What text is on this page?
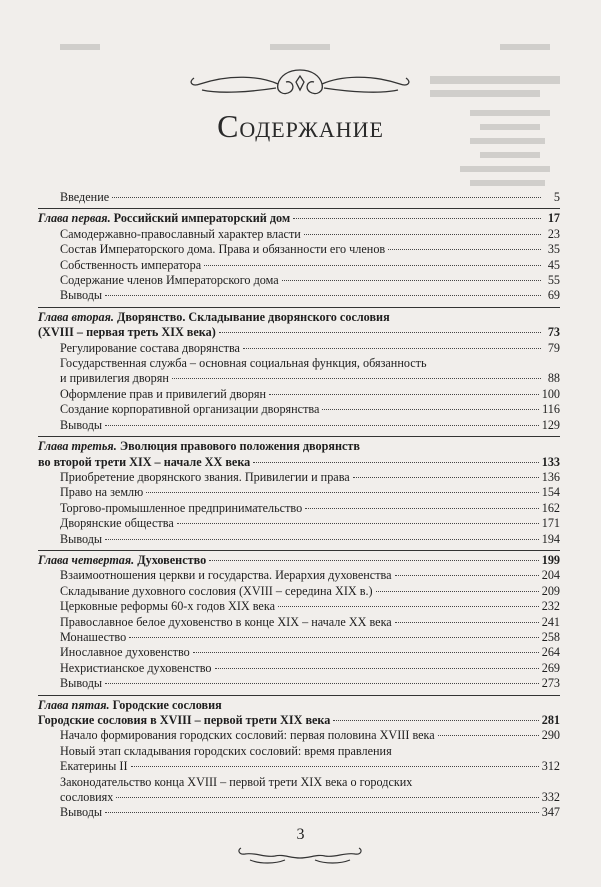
Содержание
Введение	5
Глава первая. Российский императорский дом	17
Самодержавно-православный характер власти	23
Состав Императорского дома. Права и обязанности его членов	35
Собственность императора	45
Содержание членов Императорского дома	55
Выводы	69
Глава вторая. Дворянство. Складывание дворянского сословия
(XVIII – первая треть XIX века)	73
Регулирование состава дворянства	79
Государственная служба – основная социальная функция, обязанность
и привилегия дворян	88
Оформление прав и привилегий дворян	100
Создание корпоративной организации дворянства	116
Выводы	129
Глава третья. Эволюция правового положения дворянств
во второй трети XIX – начале XX века	133
Приобретение дворянского звания. Привилегии и права	136
Право на землю	154
Торгово-промышленное предпринимательство	162
Дворянские общества	171
Выводы	194
Глава четвертая. Духовенство	199
Взаимоотношения церкви и государства. Иерархия духовенства	204
Складывание духовного сословия (XVIII – середина XIX в.)	209
Церковные реформы 60-х годов XIX века	232
Православное белое духовенство в конце XIX – начале XX века	241
Монашество	258
Инославное духовенство	264
Нехристианское духовенство	269
Выводы	273
Глава пятая. Городские сословия
Городские сословия в XVIII – первой трети XIX века	281
Начало формирования городских сословий: первая половина XVIII века	290
Новый этап складывания городских сословий: время правления
Екатерины II	312
Законодательство конца XVIII – первой трети XIX века о городских
сословиях	332
Выводы	347
3
